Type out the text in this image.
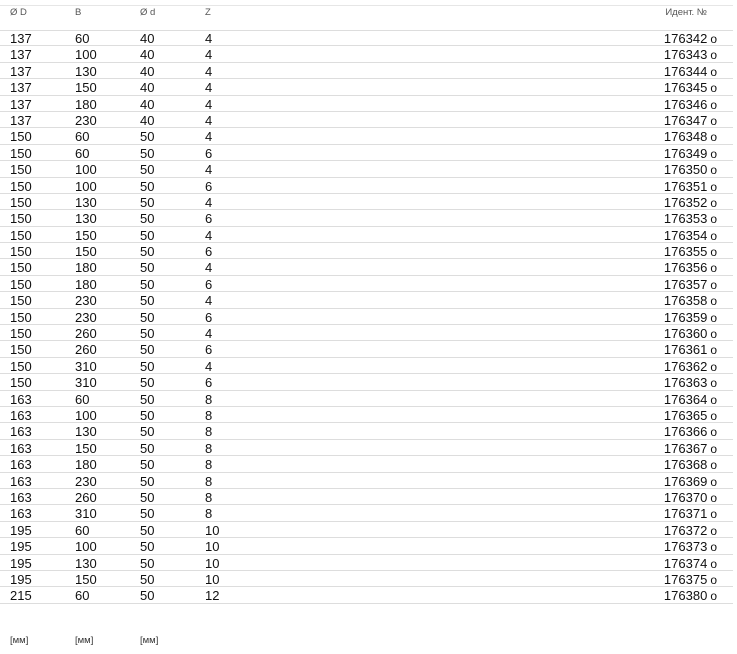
Ø D	B	Ø d	Z	Идент. №
137	60	40	4	176342 o
137	100	40	4	176343 o
137	130	40	4	176344 o
137	150	40	4	176345 o
137	180	40	4	176346 o
137	230	40	4	176347 o
150	60	50	4	176348 o
150	60	50	6	176349 o
150	100	50	4	176350 o
150	100	50	6	176351 o
150	130	50	4	176352 o
150	130	50	6	176353 o
150	150	50	4	176354 o
150	150	50	6	176355 o
150	180	50	4	176356 o
150	180	50	6	176357 o
150	230	50	4	176358 o
150	230	50	6	176359 o
150	260	50	4	176360 o
150	260	50	6	176361 o
150	310	50	4	176362 o
150	310	50	6	176363 o
163	60	50	8	176364 o
163	100	50	8	176365 o
163	130	50	8	176366 o
163	150	50	8	176367 o
163	180	50	8	176368 o
163	230	50	8	176369 o
163	260	50	8	176370 o
163	310	50	8	176371 o
195	60	50	10	176372 o
195	100	50	10	176373 o
195	130	50	10	176374 o
195	150	50	10	176375 o
215	60	50	12	176380 o
[мм]	[мм]	[мм]
